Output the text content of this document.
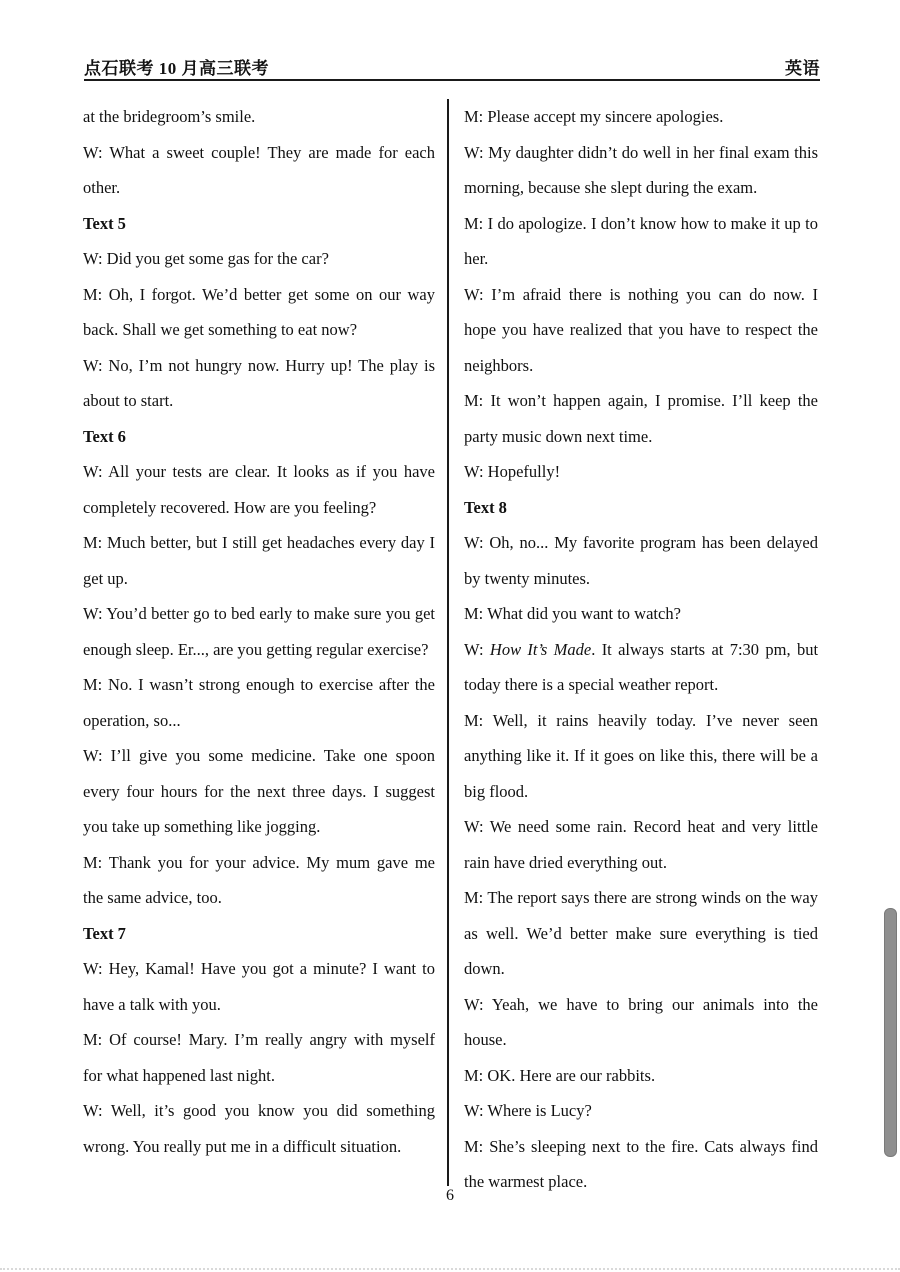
点石联考 10 月高三联考	英语

at the bridegroom’s smile.

W: What a sweet couple! They are made for each other.

Text 5

W: Did you get some gas for the car?

M: Oh, I forgot. We’d better get some on our way back. Shall we get something to eat now?

W: No, I’m not hungry now. Hurry up! The play is about to start.

Text 6

W: All your tests are clear. It looks as if you have completely recovered. How are you feeling?

M: Much better, but I still get headaches every day I get up.

W: You’d better go to bed early to make sure you get enough sleep. Er..., are you getting regular exercise?

M: No. I wasn’t strong enough to exercise after the operation, so...

W: I’ll give you some medicine. Take one spoon every four hours for the next three days. I suggest you take up something like jogging.

M: Thank you for your advice. My mum gave me the same advice, too.

Text 7

W: Hey, Kamal! Have you got a minute? I want to have a talk with you.

M: Of course! Mary. I’m really angry with myself for what happened last night.

W: Well, it’s good you know you did something wrong. You really put me in a difficult situation.

M: Please accept my sincere apologies.

W: My daughter didn’t do well in her final exam this morning, because she slept during the exam.

M: I do apologize. I don’t know how to make it up to her.

W: I’m afraid there is nothing you can do now. I hope you have realized that you have to respect the neighbors.

M: It won’t happen again, I promise. I’ll keep the party music down next time.

W: Hopefully!

Text 8

W: Oh, no... My favorite program has been delayed by twenty minutes.

M: What did you want to watch?

W: How It’s Made. It always starts at 7:30 pm, but today there is a special weather report.

M: Well, it rains heavily today. I’ve never seen anything like it. If it goes on like this, there will be a big flood.

W: We need some rain. Record heat and very little rain have dried everything out.

M: The report says there are strong winds on the way as well. We’d better make sure everything is tied down.

W: Yeah, we have to bring our animals into the house.

M: OK. Here are our rabbits.

W: Where is Lucy?

M: She’s sleeping next to the fire. Cats always find the warmest place.

6
